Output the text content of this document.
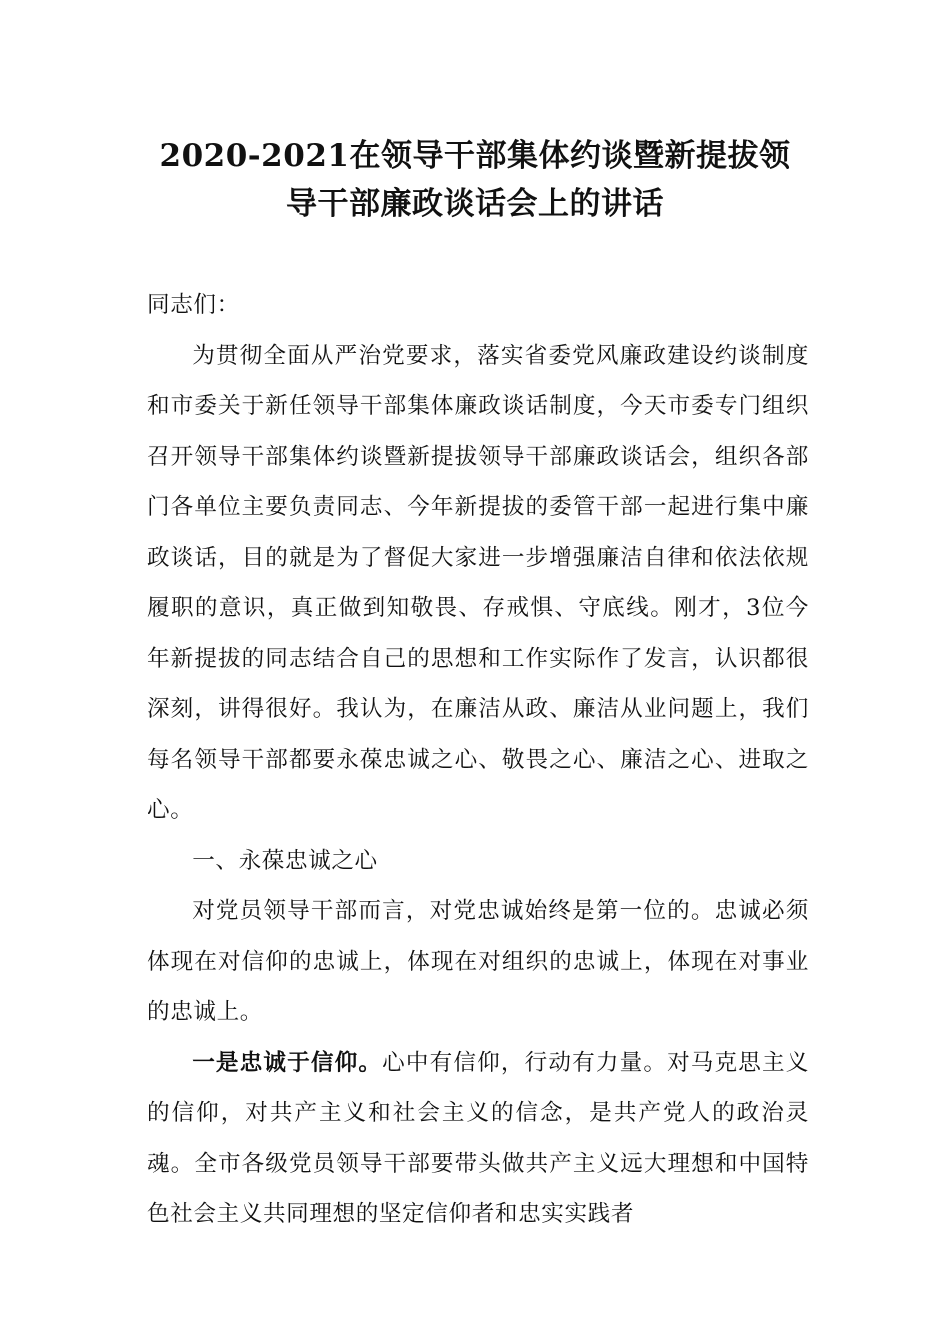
2020-2021在领导干部集体约谈暨新提拔领
导干部廉政谈话会上的讲话

同志们：

为贯彻全面从严治党要求，落实省委党风廉政建设约谈制度和市委关于新任领导干部集体廉政谈话制度，今天市委专门组织召开领导干部集体约谈暨新提拔领导干部廉政谈话会，组织各部门各单位主要负责同志、今年新提拔的委管干部一起进行集中廉政谈话，目的就是为了督促大家进一步增强廉洁自律和依法依规履职的意识，真正做到知敬畏、存戒惧、守底线。刚才，3位今年新提拔的同志结合自己的思想和工作实际作了发言，认识都很深刻，讲得很好。我认为，在廉洁从政、廉洁从业问题上，我们每名领导干部都要永葆忠诚之心、敬畏之心、廉洁之心、进取之心。

一、永葆忠诚之心

对党员领导干部而言，对党忠诚始终是第一位的。忠诚必须体现在对信仰的忠诚上，体现在对组织的忠诚上，体现在对事业的忠诚上。

一是忠诚于信仰。心中有信仰，行动有力量。对马克思主义的信仰，对共产主义和社会主义的信念，是共产党人的政治灵魂。全市各级党员领导干部要带头做共产主义远大理想和中国特色社会主义共同理想的坚定信仰者和忠实实践者
